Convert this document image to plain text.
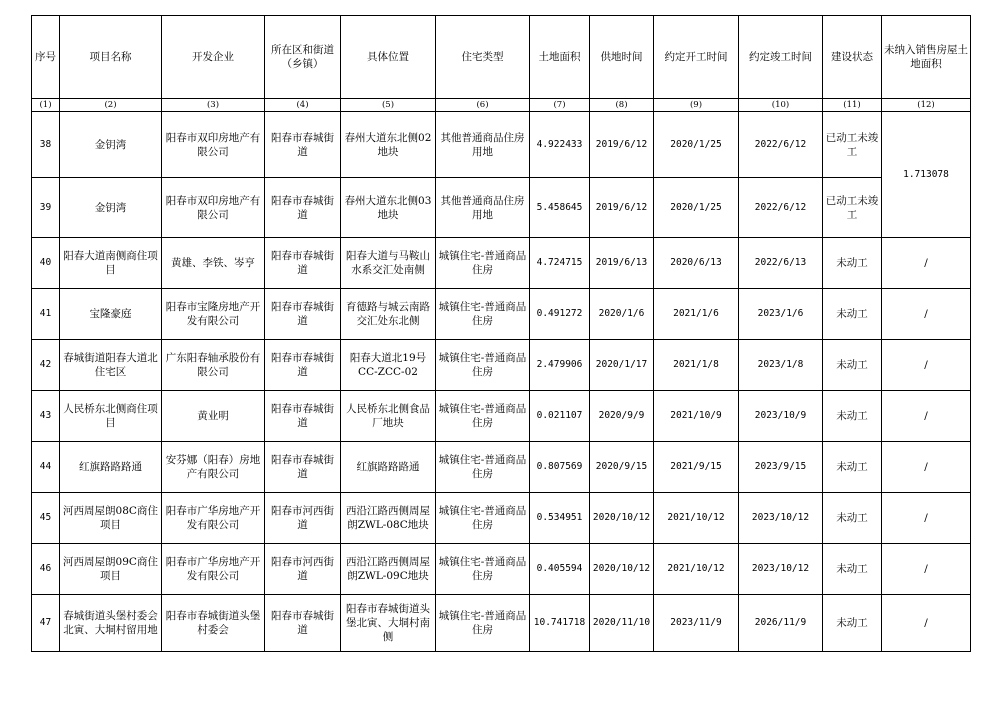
序号	项目名称	开发企业	所在区和街道（乡镇）	具体位置	住宅类型	土地面积	供地时间	约定开工时间	约定竣工时间	建设状态	未纳入销售房屋土地面积
(1)	(2)	(3)	(4)	(5)	(6)	(7)	(8)	(9)	(10)	(11)	(12)
38	金钥湾	阳春市双印房地产有限公司	阳春市春城街道	春州大道东北侧02地块	其他普通商品住房用地	4.922433	2019/6/12	2020/1/25	2022/6/12	已动工未竣工	1.713078
39	金钥湾	阳春市双印房地产有限公司	阳春市春城街道	春州大道东北侧03地块	其他普通商品住房用地	5.458645	2019/6/12	2020/1/25	2022/6/12	已动工未竣工	
40	阳春大道南侧商住项目	黄雄、李铁、岑亨	阳春市春城街道	阳春大道与马鞍山水系交汇处南侧	城镇住宅-普通商品住房	4.724715	2019/6/13	2020/6/13	2022/6/13	未动工	/
41	宝隆豪庭	阳春市宝隆房地产开发有限公司	阳春市春城街道	育德路与城云南路交汇处东北侧	城镇住宅-普通商品住房	0.491272	2020/1/6	2021/1/6	2023/1/6	未动工	/
42	春城街道阳春大道北住宅区	广东阳春轴承股份有限公司	阳春市春城街道	阳春大道北19号CC-ZCC-02	城镇住宅-普通商品住房	2.479906	2020/1/17	2021/1/8	2023/1/8	未动工	/
43	人民桥东北侧商住项目	黄业明	阳春市春城街道	人民桥东北侧食品厂地块	城镇住宅-普通商品住房	0.021107	2020/9/9	2021/10/9	2023/10/9	未动工	/
44	红旗路路路通	安芬娜（阳春）房地产有限公司	阳春市春城街道	红旗路路路通	城镇住宅-普通商品住房	0.807569	2020/9/15	2021/9/15	2023/9/15	未动工	/
45	河西周屋朗08C商住项目	阳春市广华房地产开发有限公司	阳春市河西街道	西沿江路西侧周屋朗ZWL-08C地块	城镇住宅-普通商品住房	0.534951	2020/10/12	2021/10/12	2023/10/12	未动工	/
46	河西周屋朗09C商住项目	阳春市广华房地产开发有限公司	阳春市河西街道	西沿江路西侧周屋朗ZWL-09C地块	城镇住宅-普通商品住房	0.405594	2020/10/12	2021/10/12	2023/10/12	未动工	/
47	春城街道头堡村委会北寅、大垌村留用地	阳春市春城街道头堡村委会	阳春市春城街道	阳春市春城街道头堡北寅、大垌村南侧	城镇住宅-普通商品住房	10.741718	2020/11/10	2023/11/9	2026/11/9	未动工	/
